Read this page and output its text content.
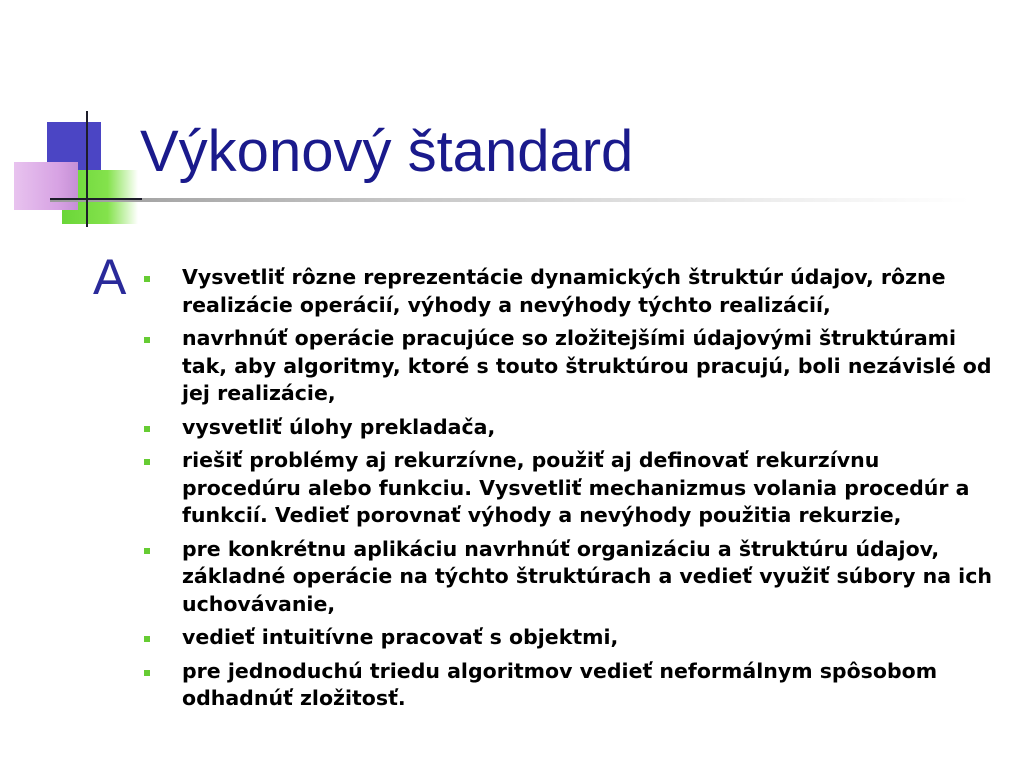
Výkonový štandard
A	Vysvetliť rôzne reprezentácie dynamických štruktúr údajov, rôzne realizácie operácií, výhody a nevýhody týchto realizácií,
navrhnúť operácie pracujúce so zložitejšími údajovými štruktúrami tak, aby algoritmy, ktoré s touto štruktúrou pracujú, boli nezávislé od jej realizácie,
vysvetliť úlohy prekladača,
riešiť problémy aj rekurzívne, použiť aj definovať rekurzívnu procedúru alebo funkciu. Vysvetliť mechanizmus volania procedúr a funkcií. Vedieť porovnať výhody a nevýhody použitia rekurzie,
pre konkrétnu aplikáciu navrhnúť organizáciu a štruktúru údajov, základné operácie na týchto štruktúrach a vedieť využiť súbory na ich uchovávanie,
vedieť intuitívne pracovať s objektmi,
pre jednoduchú triedu algoritmov vedieť neformálnym spôsobom odhadnúť zložitosť.
